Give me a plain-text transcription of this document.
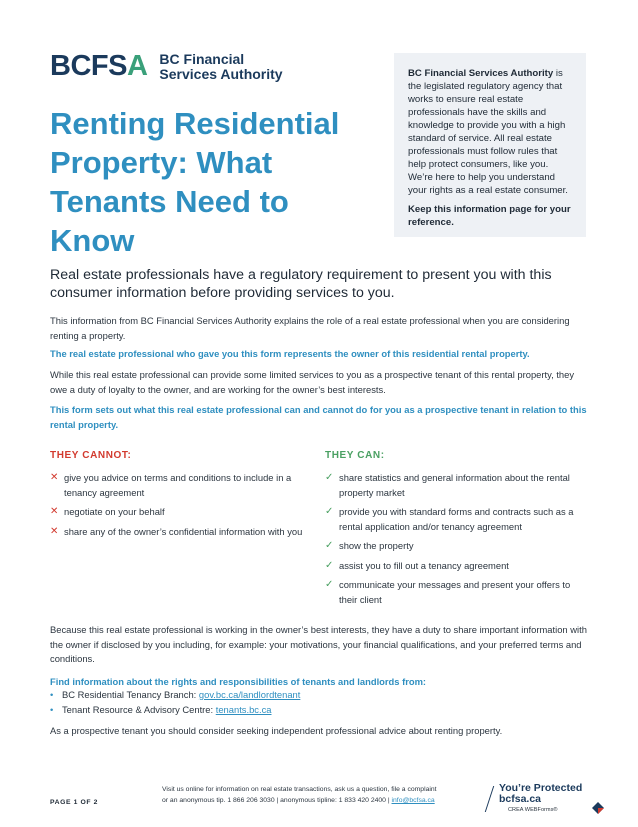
BCFSA BC Financial
Services Authority
Renting Residential Property: What Tenants Need to Know

BC Financial Services Authority is the legislated regulatory agency that works to ensure real estate professionals have the skills and knowledge to provide you with a high standard of service. All real estate professionals must follow rules that help protect consumers, like you. We’re here to help you understand your rights as a real estate consumer.

Keep this information page for your reference.

Real estate professionals have a regulatory requirement to present you with this consumer information before providing services to you.

This information from BC Financial Services Authority explains the role of a real estate professional when you are considering renting a property.

The real estate professional who gave you this form represents the owner of this residential rental property.

While this real estate professional can provide some limited services to you as a prospective tenant of this rental property, they owe a duty of loyalty to the owner, and are working for the owner’s best interests.

This form sets out what this real estate professional can and cannot do for you as a prospective tenant in relation to this rental property.

THEY CANNOT:
✕ give you advice on terms and conditions to include in a tenancy agreement
✕ negotiate on your behalf
✕ share any of the owner’s confidential information with you
THEY CAN:
✓ share statistics and general information about the rental property market
✓ provide you with standard forms and contracts such as a rental application and/or tenancy agreement
✓ show the property
✓ assist you to fill out a tenancy agreement
✓ communicate your messages and present your offers to their client

Because this real estate professional is working in the owner’s best interests, they have a duty to share important information with the owner if disclosed by you including, for example: your motivations, your financial qualifications, and your preferred terms and conditions.

Find information about the rights and responsibilities of tenants and landlords from:

• BC Residential Tenancy Branch: gov.bc.ca/landlordtenant
• Tenant Resource & Advisory Centre: tenants.bc.ca

As a prospective tenant you should consider seeking independent professional advice about renting property.

PAGE 1 OF 2
Visit us online for information on real estate transactions, ask us a question, file a complaint
or an anonymous tip. 1 866 206 3030 | anonymous tipline: 1 833 420 2400 | info@bcfsa.ca
You’re Protected
bcfsa.ca
CREA WEBForms®
